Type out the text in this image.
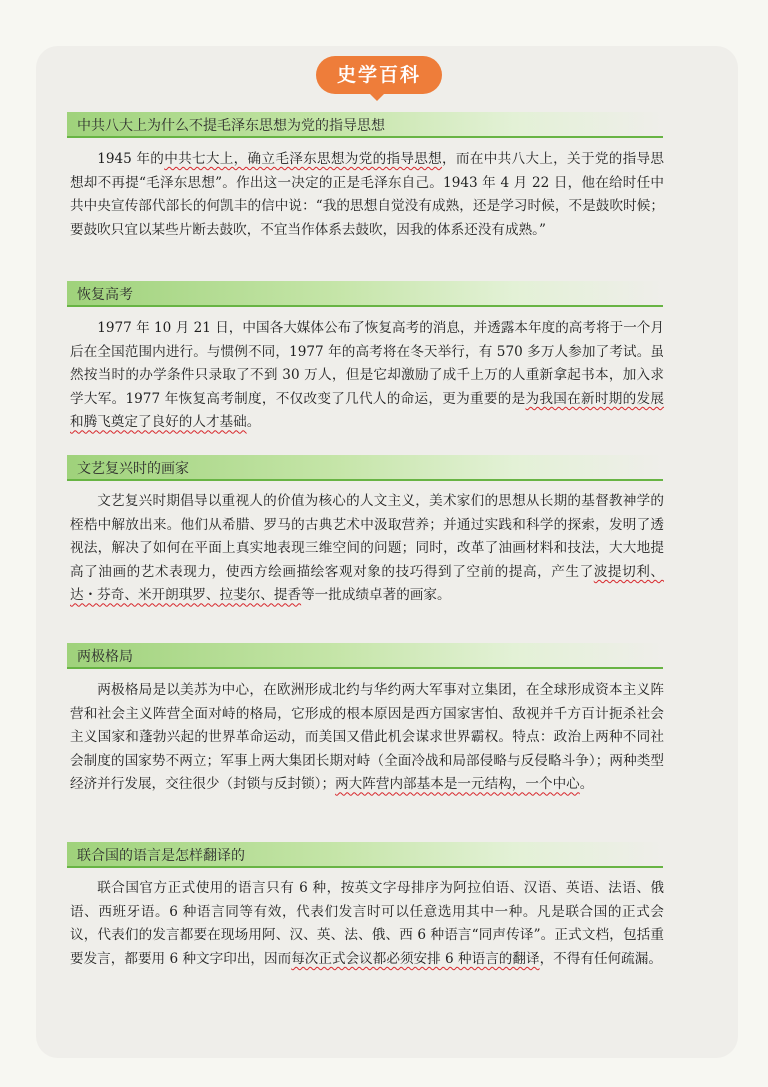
史学百科
中共八大上为什么不提毛泽东思想为党的指导思想

1945 年的中共七大上，确立毛泽东思想为党的指导思想，而在中共八大上，关于党的指导思想却不再提“毛泽东思想”。作出这一决定的正是毛泽东自己。1943 年 4 月 22 日，他在给时任中共中央宣传部代部长的何凯丰的信中说：“我的思想自觉没有成熟，还是学习时候，不是鼓吹时候；要鼓吹只宜以某些片断去鼓吹，不宜当作体系去鼓吹，因我的体系还没有成熟。”

恢复高考

1977 年 10 月 21 日，中国各大媒体公布了恢复高考的消息，并透露本年度的高考将于一个月后在全国范围内进行。与惯例不同，1977 年的高考将在冬天举行，有 570 多万人参加了考试。虽然按当时的办学条件只录取了不到 30 万人，但是它却激励了成千上万的人重新拿起书本，加入求学大军。1977 年恢复高考制度，不仅改变了几代人的命运，更为重要的是为我国在新时期的发展和腾飞奠定了良好的人才基础。

文艺复兴时的画家

文艺复兴时期倡导以重视人的价值为核心的人文主义，美术家们的思想从长期的基督教神学的桎梏中解放出来。他们从希腊、罗马的古典艺术中汲取营养；并通过实践和科学的探索，发明了透视法，解决了如何在平面上真实地表现三维空间的问题；同时，改革了油画材料和技法，大大地提高了油画的艺术表现力，使西方绘画描绘客观对象的技巧得到了空前的提高，产生了波提切利、达・芬奇、米开朗琪罗、拉斐尔、提香等一批成绩卓著的画家。

两极格局

两极格局是以美苏为中心，在欧洲形成北约与华约两大军事对立集团，在全球形成资本主义阵营和社会主义阵营全面对峙的格局，它形成的根本原因是西方国家害怕、敌视并千方百计扼杀社会主义国家和蓬勃兴起的世界革命运动，而美国又借此机会谋求世界霸权。特点：政治上两种不同社会制度的国家势不两立；军事上两大集团长期对峙（全面冷战和局部侵略与反侵略斗争）；两种类型经济并行发展，交往很少（封锁与反封锁）；两大阵营内部基本是一元结构，一个中心。

联合国的语言是怎样翻译的

联合国官方正式使用的语言只有 6 种，按英文字母排序为阿拉伯语、汉语、英语、法语、俄语、西班牙语。6 种语言同等有效，代表们发言时可以任意选用其中一种。凡是联合国的正式会议，代表们的发言都要在现场用阿、汉、英、法、俄、西 6 种语言“同声传译”。正式文档，包括重要发言，都要用 6 种文字印出，因而每次正式会议都必须安排 6 种语言的翻译，不得有任何疏漏。
